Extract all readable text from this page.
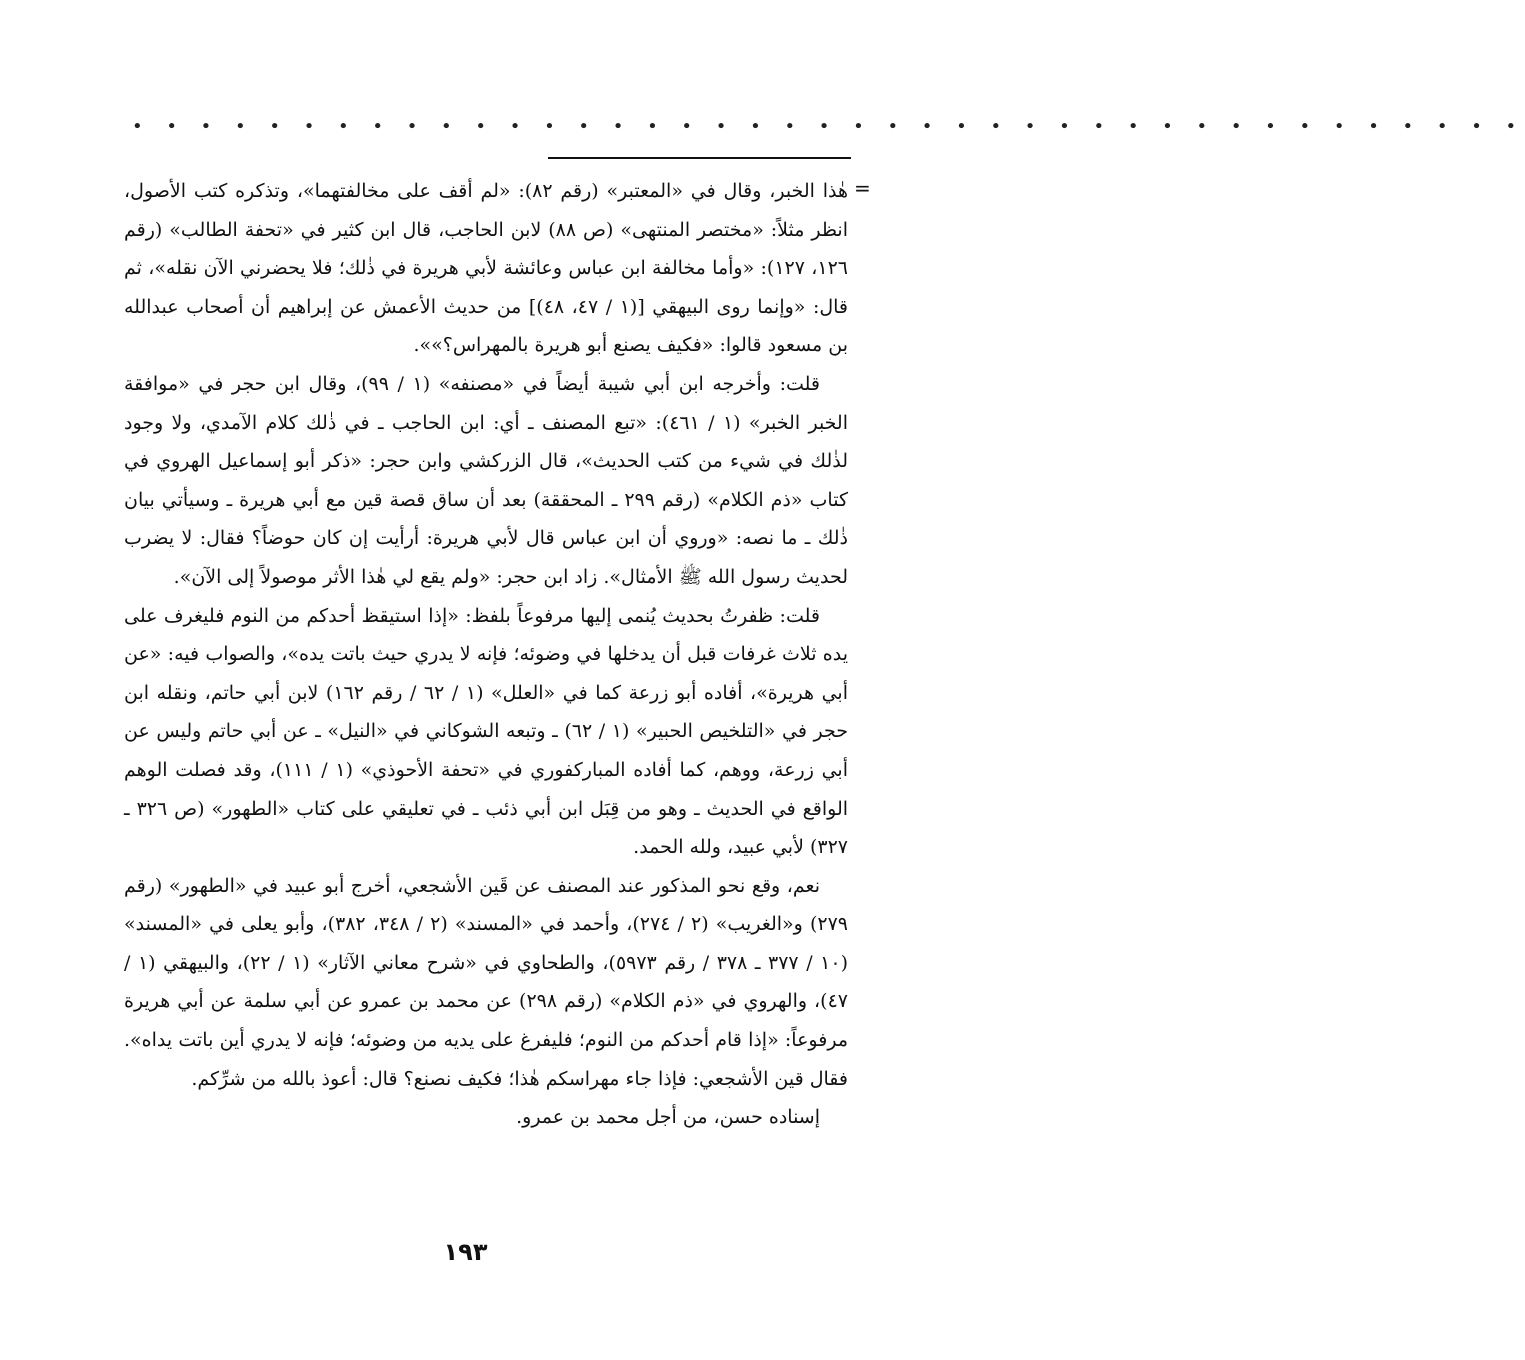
• • • • • • • • • • • • • • • • • • • • • • • • • • • • • • • • • • • • • • • • •
=

هٰذا الخبر، وقال في «المعتبر» (رقم ٨٢): «لم أقف على مخالفتهما»، وتذكره كتب الأصول، انظر مثلاً: «مختصر المنتهى» (ص ٨٨) لابن الحاجب، قال ابن كثير في «تحفة الطالب» (رقم ١٢٦، ١٢٧): «وأما مخالفة ابن عباس وعائشة لأبي هريرة في ذٰلك؛ فلا يحضرني الآن نقله»، ثم قال: «وإنما روى البيهقي [(١ / ٤٧، ٤٨)] من حديث الأعمش عن إبراهيم أن أصحاب عبدالله بن مسعود قالوا: «فكيف يصنع أبو هريرة بالمهراس؟»».

قلت: وأخرجه ابن أبي شيبة أيضاً في «مصنفه» (١ / ٩٩)، وقال ابن حجر في «موافقة الخبر الخبر» (١ / ٤٦١): «تبع المصنف ـ أي: ابن الحاجب ـ في ذٰلك كلام الآمدي، ولا وجود لذٰلك في شيء من كتب الحديث»، قال الزركشي وابن حجر: «ذكر أبو إسماعيل الهروي في كتاب «ذم الكلام» (رقم ٢٩٩ ـ المحققة) بعد أن ساق قصة قين مع أبي هريرة ـ وسيأتي بيان ذٰلك ـ ما نصه: «وروي أن ابن عباس قال لأبي هريرة: أرأيت إن كان حوضاً؟ فقال: لا يضرب لحديث رسول الله ﷺ الأمثال». زاد ابن حجر: «ولم يقع لي هٰذا الأثر موصولاً إلى الآن».

قلت: ظفرتُ بحديث يُنمى إليها مرفوعاً بلفظ: «إذا استيقظ أحدكم من النوم فليغرف على يده ثلاث غرفات قبل أن يدخلها في وضوئه؛ فإنه لا يدري حيث باتت يده»، والصواب فيه: «عن أبي هريرة»، أفاده أبو زرعة كما في «العلل» (١ / ٦٢ / رقم ١٦٢) لابن أبي حاتم، ونقله ابن حجر في «التلخيص الحبير» (١ / ٦٢) ـ وتبعه الشوكاني في «النيل» ـ عن أبي حاتم وليس عن أبي زرعة، ووهم، كما أفاده المباركفوري في «تحفة الأحوذي» (١ / ١١١)، وقد فصلت الوهم الواقع في الحديث ـ وهو من قِبَل ابن أبي ذئب ـ في تعليقي على كتاب «الطهور» (ص ٣٢٦ ـ ٣٢٧) لأبي عبيد، ولله الحمد.

نعم، وقع نحو المذكور عند المصنف عن قَين الأشجعي، أخرج أبو عبيد في «الطهور» (رقم ٢٧٩) و«الغريب» (٢ / ٢٧٤)، وأحمد في «المسند» (٢ / ٣٤٨، ٣٨٢)، وأبو يعلى في «المسند» (١٠ / ٣٧٧ ـ ٣٧٨ / رقم ٥٩٧٣)، والطحاوي في «شرح معاني الآثار» (١ / ٢٢)، والبيهقي (١ / ٤٧)، والهروي في «ذم الكلام» (رقم ٢٩٨) عن محمد بن عمرو عن أبي سلمة عن أبي هريرة مرفوعاً: «إذا قام أحدكم من النوم؛ فليفرغ على يديه من وضوئه؛ فإنه لا يدري أين باتت يداه». فقال قين الأشجعي: فإذا جاء مهراسكم هٰذا؛ فكيف نصنع؟ قال: أعوذ بالله من شرِّكم.

إسناده حسن، من أجل محمد بن عمرو.

١٩٣
